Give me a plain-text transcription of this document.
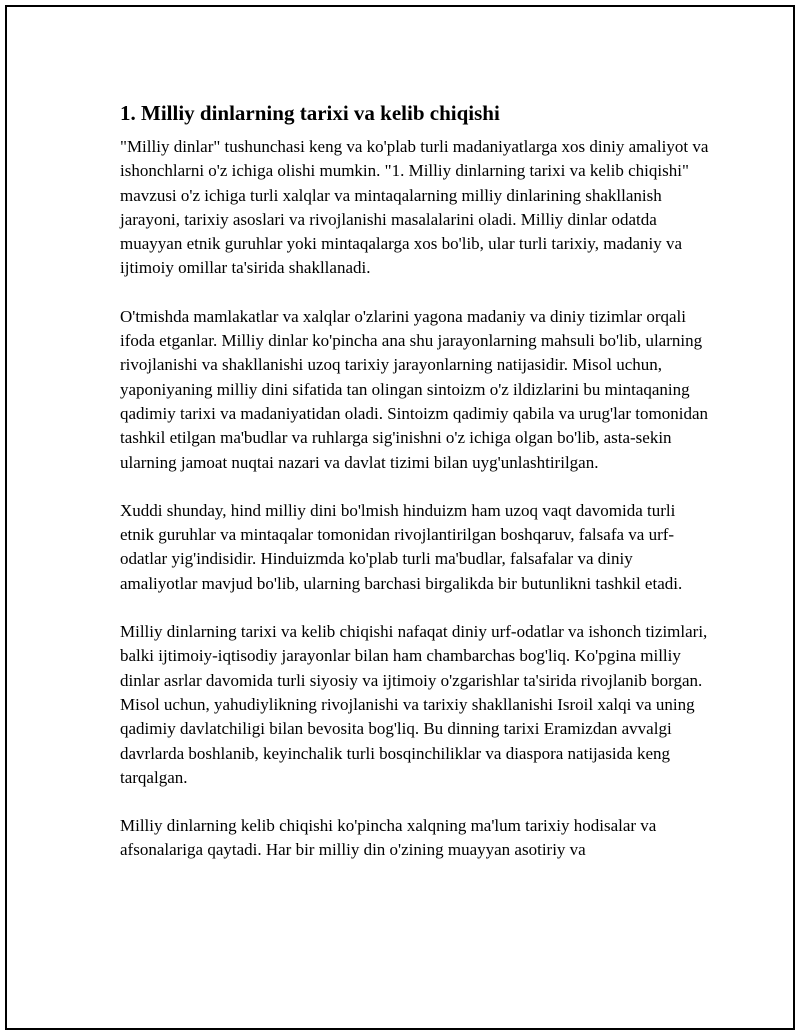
1. Milliy dinlarning tarixi va kelib chiqishi

"Milliy dinlar" tushunchasi keng va ko'plab turli madaniyatlarga xos diniy amaliyot va ishonchlarni o'z ichiga olishi mumkin. "1. Milliy dinlarning tarixi va kelib chiqishi" mavzusi o'z ichiga turli xalqlar va mintaqalarning milliy dinlarining shakllanish jarayoni, tarixiy asoslari va rivojlanishi masalalarini oladi. Milliy dinlar odatda muayyan etnik guruhlar yoki mintaqalarga xos bo'lib, ular turli tarixiy, madaniy va ijtimoiy omillar ta'sirida shakllanadi.

O'tmishda mamlakatlar va xalqlar o'zlarini yagona madaniy va diniy tizimlar orqali ifoda etganlar. Milliy dinlar ko'pincha ana shu jarayonlarning mahsuli bo'lib, ularning rivojlanishi va shakllanishi uzoq tarixiy jarayonlarning natijasidir. Misol uchun, yaponiyaning milliy dini sifatida tan olingan sintoizm o'z ildizlarini bu mintaqaning qadimiy tarixi va madaniyatidan oladi. Sintoizm qadimiy qabila va urug'lar tomonidan tashkil etilgan ma'budlar va ruhlarga sig'inishni o'z ichiga olgan bo'lib, asta-sekin ularning jamoat nuqtai nazari va davlat tizimi bilan uyg'unlashtirilgan.

Xuddi shunday, hind milliy dini bo'lmish hinduizm ham uzoq vaqt davomida turli etnik guruhlar va mintaqalar tomonidan rivojlantirilgan boshqaruv, falsafa va urf-odatlar yig'indisidir. Hinduizmda ko'plab turli ma'budlar, falsafalar va diniy amaliyotlar mavjud bo'lib, ularning barchasi birgalikda bir butunlikni tashkil etadi.

Milliy dinlarning tarixi va kelib chiqishi nafaqat diniy urf-odatlar va ishonch tizimlari, balki ijtimoiy-iqtisodiy jarayonlar bilan ham chambarchas bog'liq. Ko'pgina milliy dinlar asrlar davomida turli siyosiy va ijtimoiy o'zgarishlar ta'sirida rivojlanib borgan. Misol uchun, yahudiylikning rivojlanishi va tarixiy shakllanishi Isroil xalqi va uning qadimiy davlatchiligi bilan bevosita bog'liq. Bu dinning tarixi Eramizdan avvalgi davrlarda boshlanib, keyinchalik turli bosqinchiliklar va diaspora natijasida keng tarqalgan.

Milliy dinlarning kelib chiqishi ko'pincha xalqning ma'lum tarixiy hodisalar va afsonalariga qaytadi. Har bir milliy din o'zining muayyan asotiriy va
